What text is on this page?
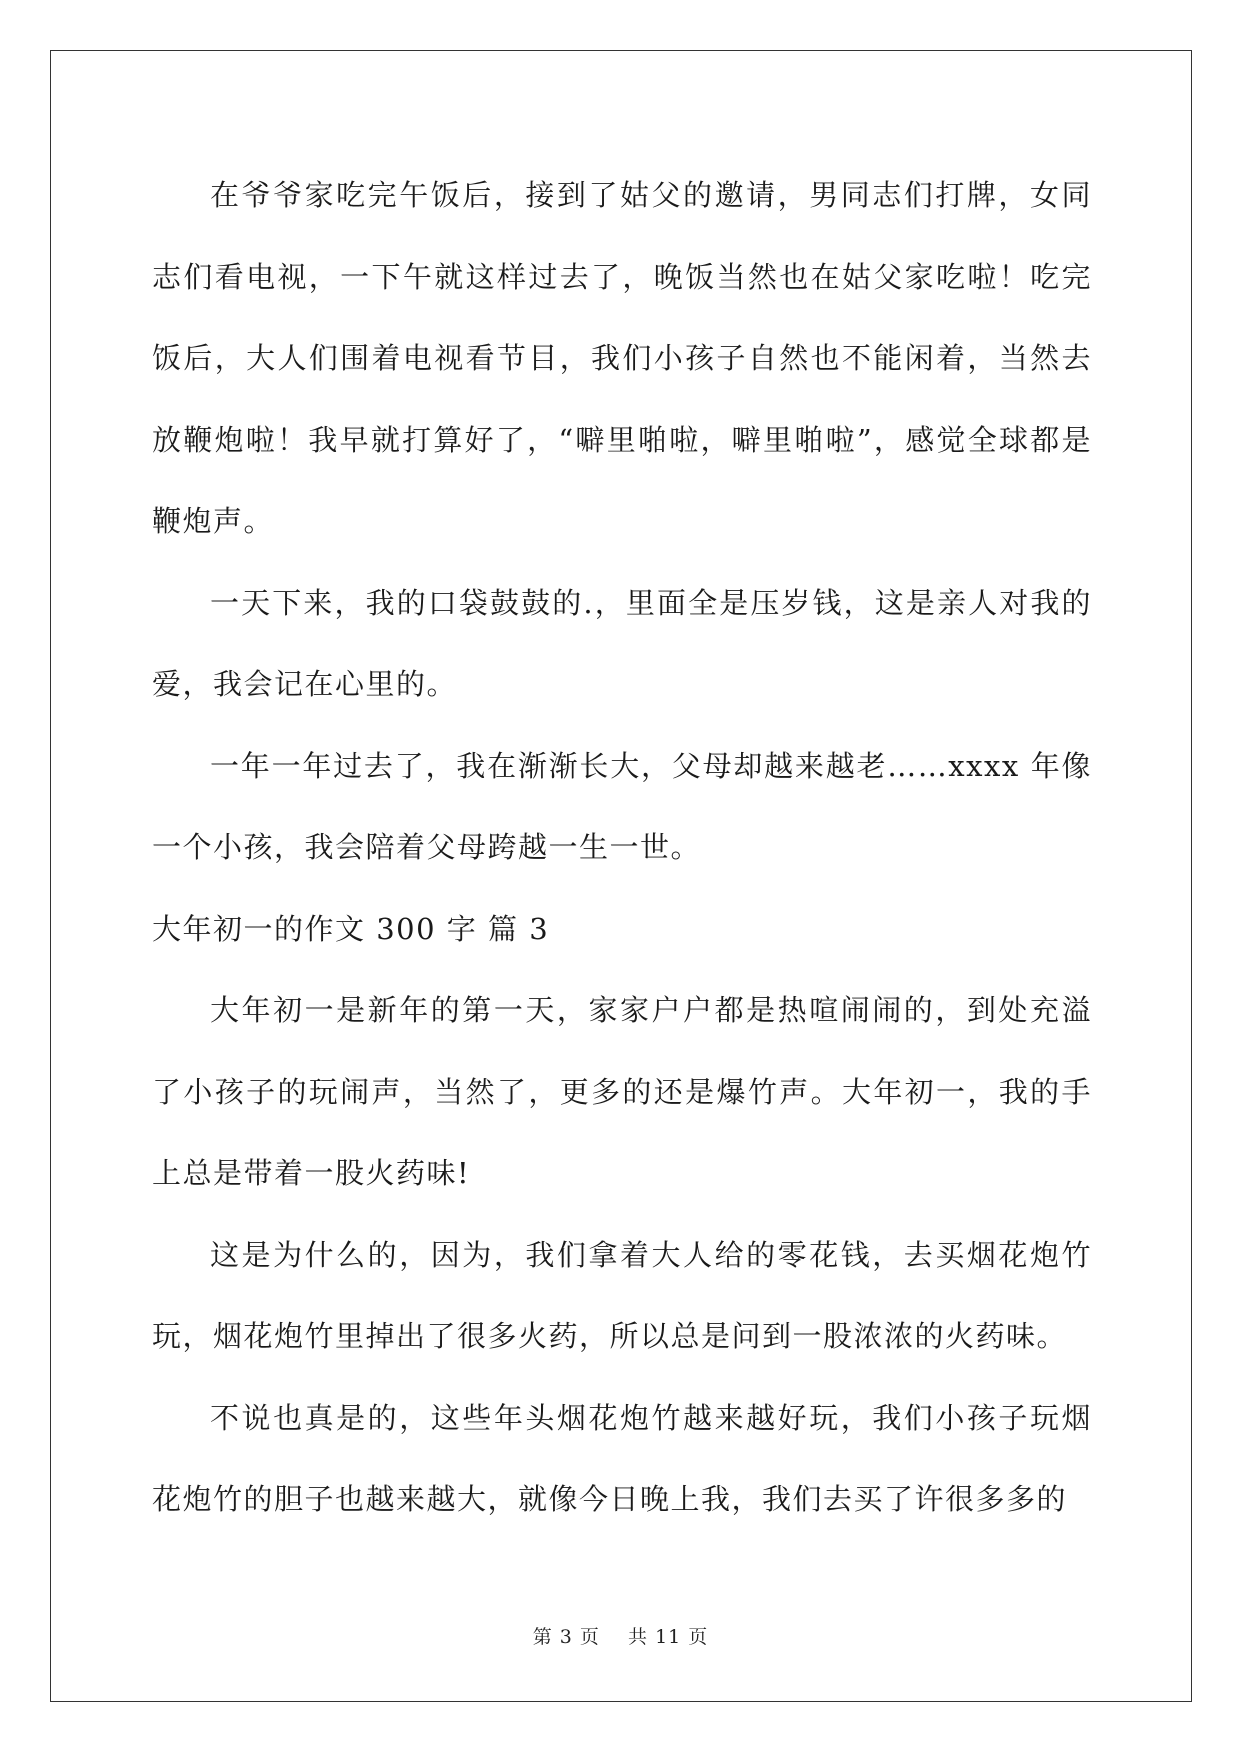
在爷爷家吃完午饭后，接到了姑父的邀请，男同志们打牌，女同志们看电视，一下午就这样过去了，晚饭当然也在姑父家吃啦！吃完饭后，大人们围着电视看节目，我们小孩子自然也不能闲着，当然去放鞭炮啦！我早就打算好了，“噼里啪啦，噼里啪啦”，感觉全球都是鞭炮声。

一天下来，我的口袋鼓鼓的.，里面全是压岁钱，这是亲人对我的爱，我会记在心里的。

一年一年过去了，我在渐渐长大，父母却越来越老……xxxx 年像一个小孩，我会陪着父母跨越一生一世。

大年初一的作文 300 字 篇 3

大年初一是新年的第一天，家家户户都是热喧闹闹的，到处充溢了小孩子的玩闹声，当然了，更多的还是爆竹声。大年初一，我的手上总是带着一股火药味!

这是为什么的，因为，我们拿着大人给的零花钱，去买烟花炮竹玩，烟花炮竹里掉出了很多火药，所以总是问到一股浓浓的火药味。

不说也真是的，这些年头烟花炮竹越来越好玩，我们小孩子玩烟花炮竹的胆子也越来越大，就像今日晚上我，我们去买了许很多多的

第 3 页 共 11 页
